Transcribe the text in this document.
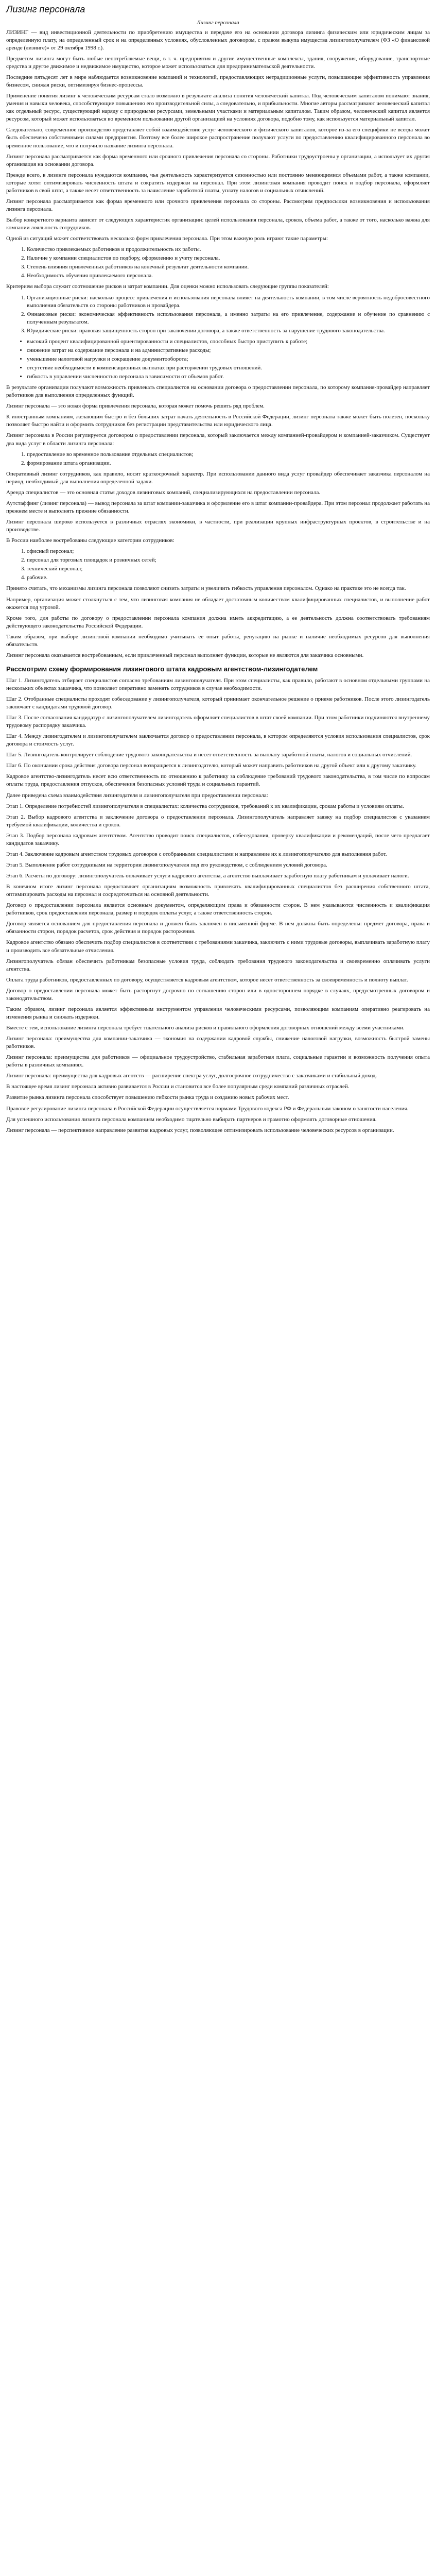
Лизинг персонала
Лизинг персонала

ЛИЗИНГ — вид инвестиционной деятельности по приобретению имущества и передаче его на основании договора лизинга физическим или юридическим лицам за определенную плату, на определенный срок и на определенных условиях, обусловленных договором, с правом выкупа имущества лизингополучателем (ФЗ «О финансовой аренде (лизинге)» от 29 октября 1998 г.).

Предметом лизинга могут быть любые непотребляемые вещи, в т. ч. предприятия и другие имущественные комплексы, здания, сооружения, оборудование, транспортные средства и другое движимое и недвижимое имущество, которое может использоваться для предпринимательской деятельности.

Последние пятьдесят лет в мире наблюдается возникновение компаний и технологий, предоставляющих нетрадиционные услуги, повышающие эффективность управления бизнесом, снижая риски, оптимизируя бизнес-процессы.

Применение понятия лизинг к человеческим ресурсам стало возможно в результате анализа понятия человеческий капитал. Под человеческим капиталом понимают знания, умения и навыки человека, способствующие повышению его производительной силы, а следовательно, и прибыльности. Многие авторы рассматривают человеческий капитал как отдельный ресурс, существующий наряду с природными ресурсами, земельными участками и материальным капиталом. Таким образом, человеческий капитал является ресурсом, который может использоваться во временном пользовании другой организацией на условиях договора, подобно тому, как используется материальный капитал.

Следовательно, современное производство представляет собой взаимодействие услуг человеческого и физического капиталов, которое из-за его специфики не всегда может быть обеспечено собственными силами предприятия. Поэтому все более широкое распространение получают услуги по предоставлению квалифицированного персонала во временное пользование, что и получило название лизинга персонала.

Лизинг персонала рассматривается как форма временного или срочного привлечения персонала со стороны. Работники трудоустроены у организации, а использует их другая организация на основании договора.

Прежде всего, в лизинге персонала нуждаются компании, чья деятельность характеризуется сезонностью или постоянно меняющимися объемами работ, а также компании, которые хотят оптимизировать численность штата и сократить издержки на персонал. При этом лизинговая компания проводит поиск и подбор персонала, оформляет работников в свой штат, а также несет ответственность за начисление заработной платы, уплату налогов и социальных отчислений.

Лизинг персонала рассматривается как форма временного или срочного привлечения персонала со стороны. Рассмотрим предпосылки возникновения и использования лизинга персонала.

Выбор конкретного варианта зависит от следующих характеристик организации: целей использования персонала, сроков, объема работ, а также от того, насколько важна для компании лояльность сотрудников.

Одной из ситуаций может соответствовать несколько форм привлечения персонала. При этом важную роль играют такие параметры:

1. Количество привлекаемых работников и продолжительность их работы.
2. Наличие у компании специалистов по подбору, оформлению и учету персонала.
3. Степень влияния привлеченных работников на конечный результат деятельности компании.
4. Необходимость обучения привлекаемого персонала.

Критерием выбора служит соотношение рисков и затрат компании. Для оценки можно использовать следующие группы показателей:

1. Организационные риски: насколько процесс привлечения и использования персонала влияет на деятельность компании, в том числе вероятность недобросовестного выполнения обязательств со стороны работников и провайдера.
2. Финансовые риски: экономическая эффективность использования персонала, а именно затраты на его привлечение, содержание и обучение по сравнению с полученным результатом.
3. Юридические риски: правовая защищенность сторон при заключении договора, а также ответственность за нарушение трудового законодательства.
• высокий процент квалифицированной ориентированности и специалистов, способных быстро приступить к работе;
• снижение затрат на содержание персонала и на административные расходы;
• уменьшение налоговой нагрузки и сокращение документооборота;
• отсутствие необходимости в компенсационных выплатах при расторжении трудовых отношений.
• гибкость в управлении численностью персонала в зависимости от объемов работ.

В результате организации получают возможность привлекать специалистов на основании договора о предоставлении персонала, по которому компания-провайдер направляет работников для выполнения определенных функций.

Лизинг персонала — это новая форма привлечения персонала, которая может помочь решить ряд проблем.

К иностранным компаниям, желающим быстро и без больших затрат начать деятельность в Российской Федерации, лизинг персонала также может быть полезен, поскольку позволяет быстро найти и оформить сотрудников без регистрации представительства или юридического лица.

Лизинг персонала в России регулируется договором о предоставлении персонала, который заключается между компанией-провайдером и компанией-заказчиком. Существует два вида услуг в области лизинга персонала:

1. предоставление во временное пользование отдельных специалистов;
2. формирование штата организации.

Оперативный лизинг сотрудников, как правило, носит краткосрочный характер. При использовании данного вида услуг провайдер обеспечивает заказчика персоналом на период, необходимый для выполнения определенной задачи.

Аренда специалистов — это основная статья доходов лизинговых компаний, специализирующихся на предоставлении персонала.

Аутстаффинг (лизинг персонала) — вывод персонала за штат компании-заказчика и оформление его в штат компании-провайдера. При этом персонал продолжает работать на прежнем месте и выполнять прежние обязанности.

Лизинг персонала широко используется в различных отраслях экономики, в частности, при реализации крупных инфраструктурных проектов, в строительстве и на производстве.

В России наиболее востребованы следующие категории сотрудников:

1. офисный персонал;
2. персонал для торговых площадок и розничных сетей;
3. технический персонал;
4. рабочие.

Принято считать, что механизмы лизинга персонала позволяют снизить затраты и увеличить гибкость управления персоналом. Однако на практике это не всегда так.

Например, организация может столкнуться с тем, что лизинговая компания не обладает достаточным количеством квалифицированных специалистов, и выполнение работ окажется под угрозой.

Кроме того, для работы по договору о предоставлении персонала компания должна иметь аккредитацию, а ее деятельность должна соответствовать требованиям действующего законодательства Российской Федерации.

Таким образом, при выборе лизинговой компании необходимо учитывать ее опыт работы, репутацию на рынке и наличие необходимых ресурсов для выполнения обязательств.

Лизинг персонала оказывается востребованным, если привлеченный персонал выполняет функции, которые не являются для заказчика основными.

Рассмотрим схему формирования лизингового штата кадровым агентством-лизингодателем

Шаг 1. Лизингодатель отбирает специалистов согласно требованиям лизингополучателя. При этом специалисты, как правило, работают в основном отдельными группами на нескольких объектах заказчика, что позволяет оперативно заменять сотрудников в случае необходимости.

Шаг 2. Отобранные специалисты проходят собеседование у лизингополучателя, который принимает окончательное решение о приеме работников. После этого лизингодатель заключает с кандидатами трудовой договор.

Шаг 3. После согласования кандидатур с лизингополучателем лизингодатель оформляет специалистов в штат своей компании. При этом работники подчиняются внутреннему трудовому распорядку заказчика.

Шаг 4. Между лизингодателем и лизингополучателем заключается договор о предоставлении персонала, в котором определяются условия использования специалистов, срок договора и стоимость услуг.

Шаг 5. Лизингодатель контролирует соблюдение трудового законодательства и несет ответственность за выплату заработной платы, налогов и социальных отчислений.

Шаг 6. По окончании срока действия договора персонал возвращается к лизингодателю, который может направить работников на другой объект или к другому заказчику.

Кадровое агентство-лизингодатель несет всю ответственность по отношению к работнику за соблюдение требований трудового законодательства, в том числе по вопросам оплаты труда, предоставления отпусков, обеспечения безопасных условий труда и социальных гарантий.

Далее приведена схема взаимодействия лизингодателя и лизингополучателя при предоставлении персонала:

Этап 1. Определение потребностей лизингополучателя в специалистах: количества сотрудников, требований к их квалификации, срокам работы и условиям оплаты.

Этап 2. Выбор кадрового агентства и заключение договора о предоставлении персонала. Лизингополучатель направляет заявку на подбор специалистов с указанием требуемой квалификации, количества и сроков.

Этап 3. Подбор персонала кадровым агентством. Агентство проводит поиск специалистов, собеседования, проверку квалификации и рекомендаций, после чего предлагает кандидатов заказчику.

Этап 4. Заключение кадровым агентством трудовых договоров с отобранными специалистами и направление их к лизингополучателю для выполнения работ.

Этап 5. Выполнение работ сотрудниками на территории лизингополучателя под его руководством, с соблюдением условий договора.

Этап 6. Расчеты по договору: лизингополучатель оплачивает услуги кадрового агентства, а агентство выплачивает заработную плату работникам и уплачивает налоги.

В конечном итоге лизинг персонала предоставляет организациям возможность привлекать квалифицированных специалистов без расширения собственного штата, оптимизировать расходы на персонал и сосредоточиться на основной деятельности.

Договор о предоставлении персонала является основным документом, определяющим права и обязанности сторон. В нем указываются численность и квалификация работников, срок предоставления персонала, размер и порядок оплаты услуг, а также ответственность сторон.

Договор является основанием для предоставления персонала и должен быть заключен в письменной форме. В нем должны быть определены: предмет договора, права и обязанности сторон, порядок расчетов, срок действия и порядок расторжения.

Кадровое агентство обязано обеспечить подбор специалистов в соответствии с требованиями заказчика, заключить с ними трудовые договоры, выплачивать заработную плату и производить все обязательные отчисления.

Лизингополучатель обязан обеспечить работникам безопасные условия труда, соблюдать требования трудового законодательства и своевременно оплачивать услуги агентства.

Оплата труда работников, предоставленных по договору, осуществляется кадровым агентством, которое несет ответственность за своевременность и полноту выплат.

Договор о предоставлении персонала может быть расторгнут досрочно по соглашению сторон или в одностороннем порядке в случаях, предусмотренных договором и законодательством.

Таким образом, лизинг персонала является эффективным инструментом управления человеческими ресурсами, позволяющим компаниям оперативно реагировать на изменения рынка и снижать издержки.

Вместе с тем, использование лизинга персонала требует тщательного анализа рисков и правильного оформления договорных отношений между всеми участниками.

Лизинг персонала: преимущества для компании-заказчика — экономия на содержании кадровой службы, снижение налоговой нагрузки, возможность быстрой замены работников.

Лизинг персонала: преимущества для работников — официальное трудоустройство, стабильная заработная плата, социальные гарантии и возможность получения опыта работы в различных компаниях.

Лизинг персонала: преимущества для кадровых агентств — расширение спектра услуг, долгосрочное сотрудничество с заказчиками и стабильный доход.

В настоящее время лизинг персонала активно развивается в России и становится все более популярным среди компаний различных отраслей.

Развитие рынка лизинга персонала способствует повышению гибкости рынка труда и созданию новых рабочих мест.

Правовое регулирование лизинга персонала в Российской Федерации осуществляется нормами Трудового кодекса РФ и Федеральным законом о занятости населения.

Для успешного использования лизинга персонала компаниям необходимо тщательно выбирать партнеров и грамотно оформлять договорные отношения.

Лизинг персонала — перспективное направление развития кадровых услуг, позволяющее оптимизировать использование человеческих ресурсов в организации.
